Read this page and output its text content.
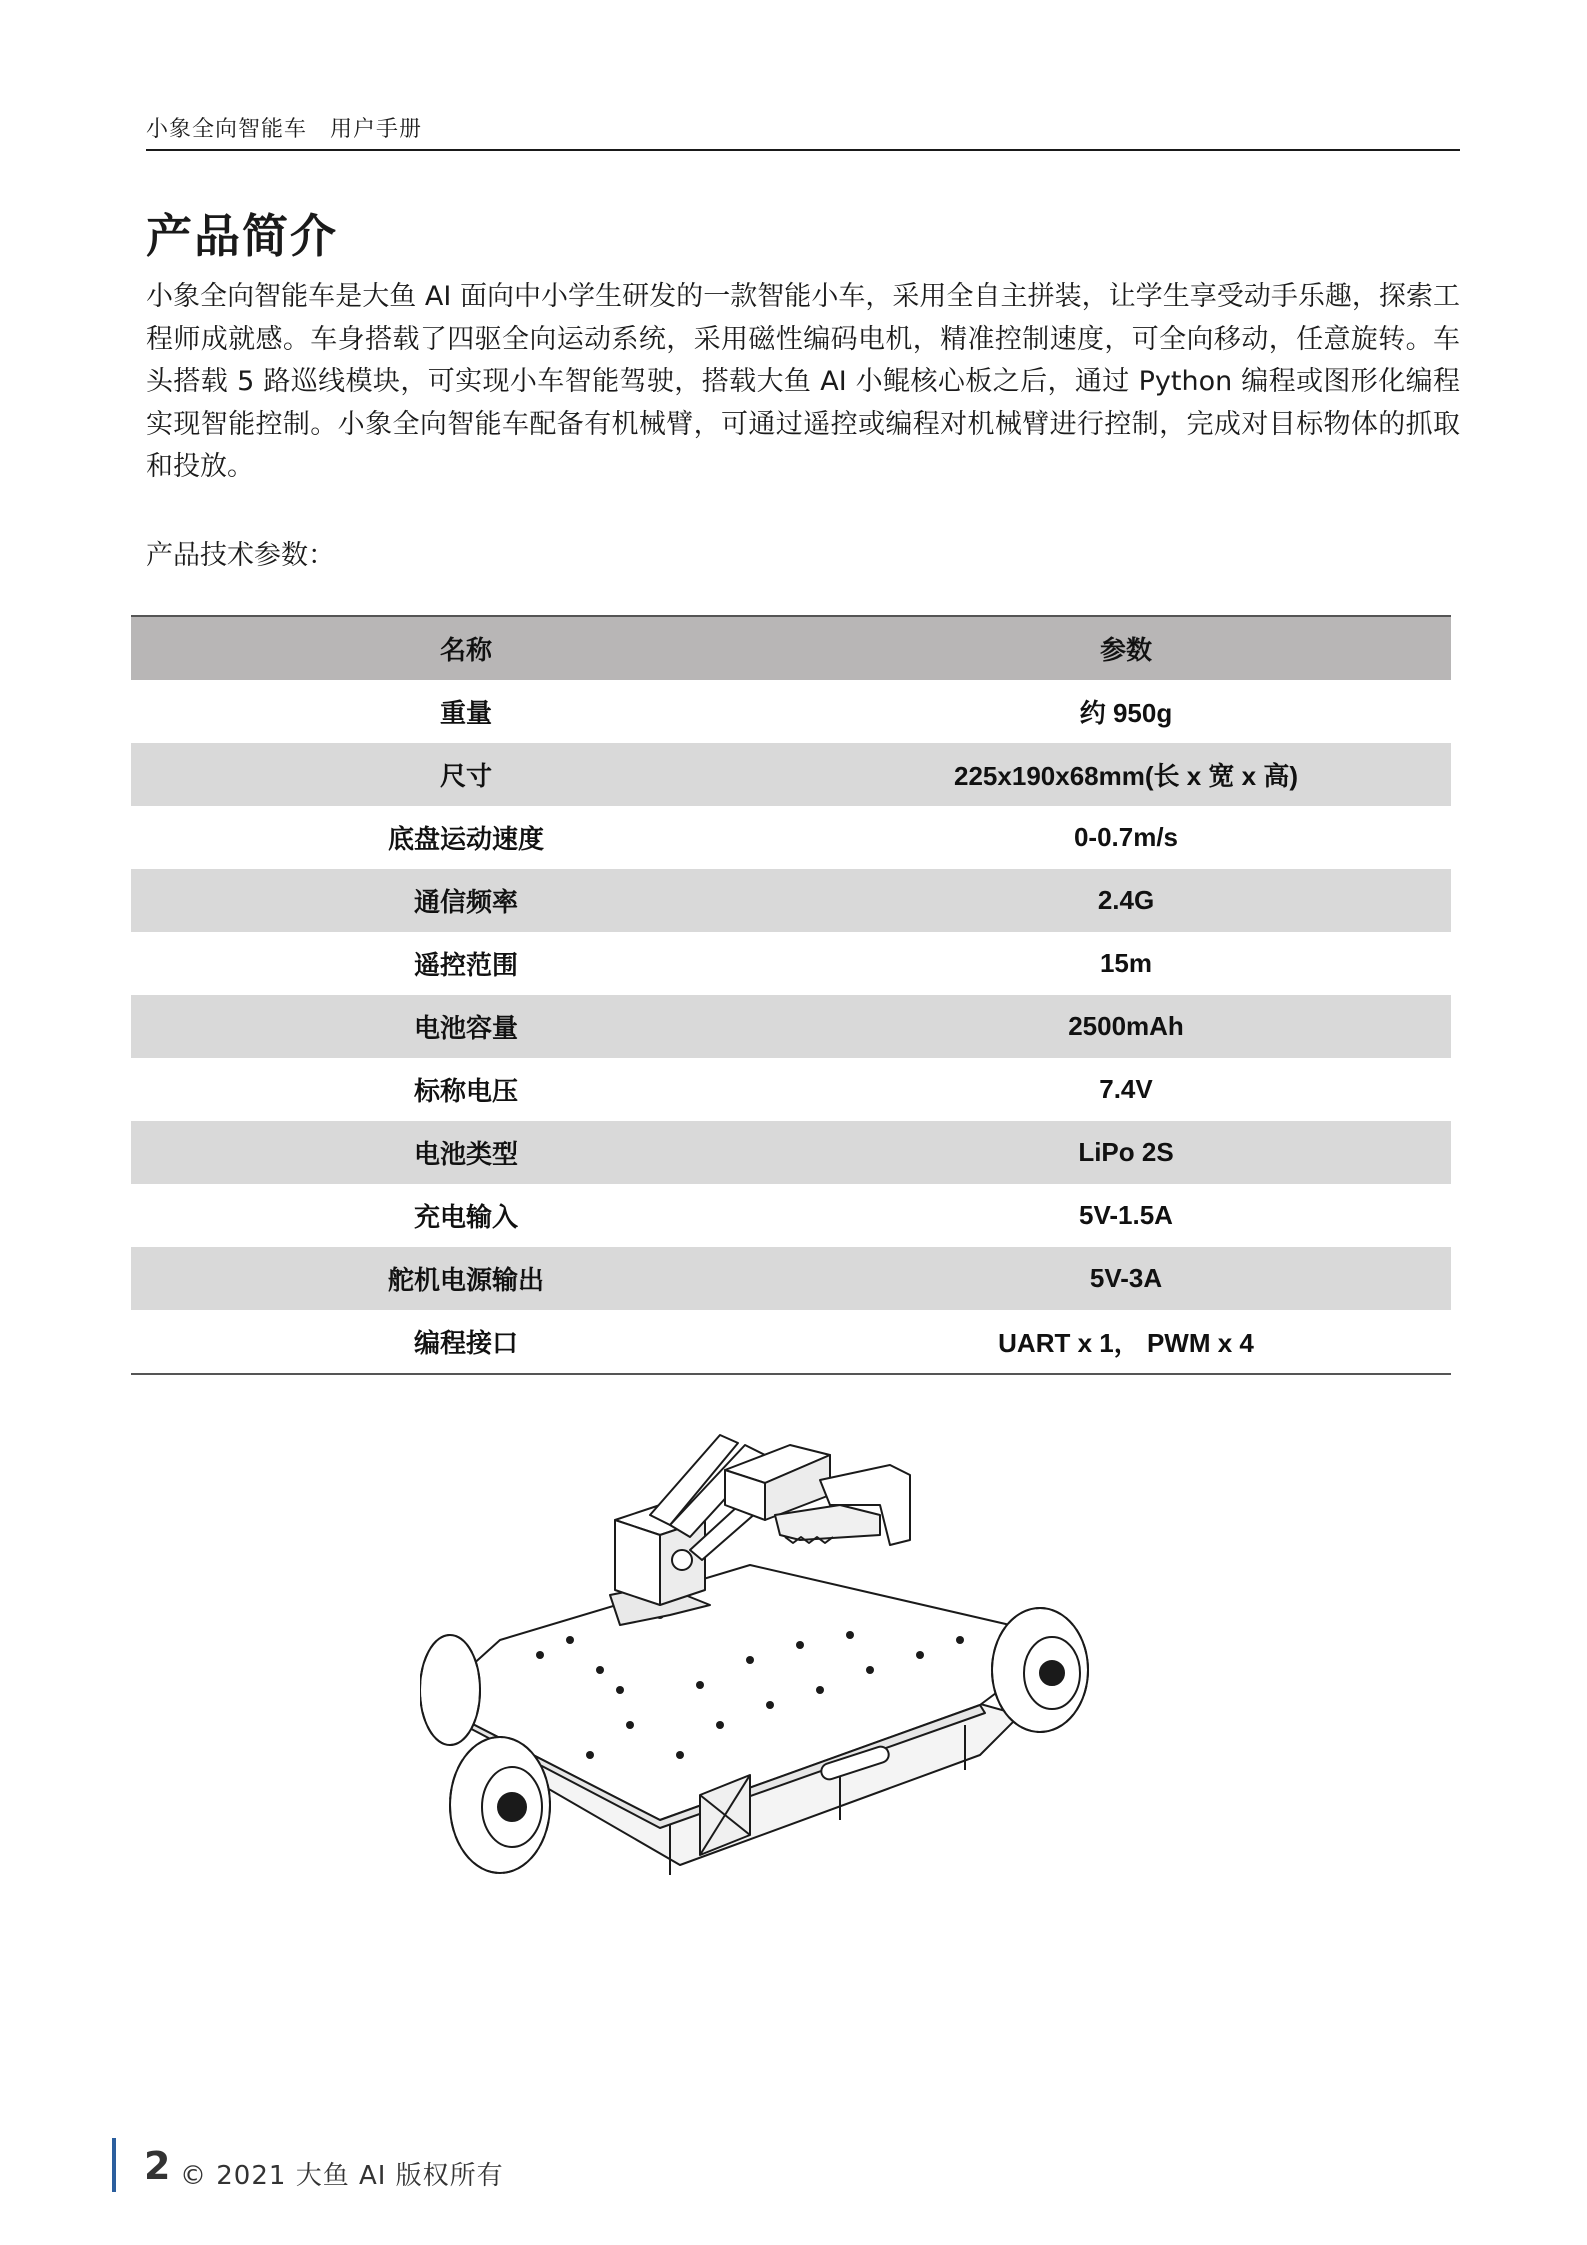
小象全向智能车　用户手册
产品简介

小象全向智能车是大鱼 AI 面向中小学生研发的一款智能小车，采用全自主拼装，让学生享受动手乐趣，探索工程师成就感。车身搭载了四驱全向运动系统，采用磁性编码电机，精准控制速度，可全向移动，任意旋转。车头搭载 5 路巡线模块，可实现小车智能驾驶，搭载大鱼 AI 小鲲核心板之后，通过 Python 编程或图形化编程实现智能控制。小象全向智能车配备有机械臂，可通过遥控或编程对机械臂进行控制，完成对目标物体的抓取和投放。

产品技术参数：
名称	参数
重量	约 950g
尺寸	225x190x68mm(长 x 宽 x 高)
底盘运动速度	0-0.7m/s
通信频率	2.4G
遥控范围	15m
电池容量	2500mAh
标称电压	7.4V
电池类型	LiPo 2S
充电输入	5V-1.5A
舵机电源输出	5V-3A
编程接口	UART x 1， PWM x 4
2 © 2021 大鱼 AI 版权所有
